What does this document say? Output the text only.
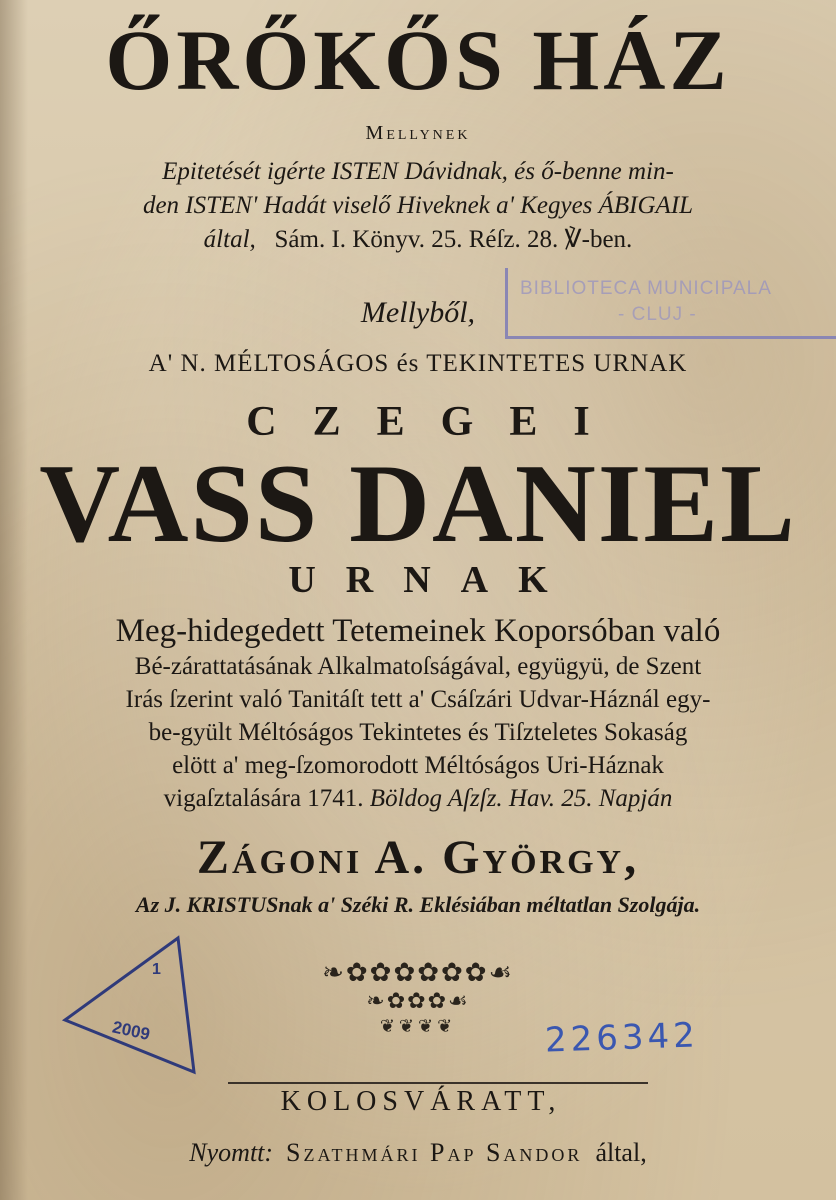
ŐRŐKŐS HÁZ
Mellynek
Epitetését igérte ISTEN Dávidnak, és ő-benne min-
den ISTEN' Hadát viselő Hiveknek a' Kegyes ÁBIGAIL
által, Sám. I. Könyv. 25. Réſz. 28. ℣-ben.
BIBLIOTECA MUNICIPALA
- CLUJ -
Mellyből,
A' N. MÉLTOSÁGOS és TEKINTETES URNAK
CZEGEI
VASS DANIEL
URNAK
Meg-hidegedett Tetemeinek Koporsóban való
Bé-zárattatásának Alkalmatoſságával, együgyü, de Szent
Irás ſzerint való Tanitáſt tett a' Csáſzári Udvar-Háznál egy-
be-gyült Méltóságos Tekintetes és Tiſzteletes Sokaság
elött a' meg-ſzomorodott Méltóságos Uri-Háznak
vigaſztalására 1741. Böldog Aſzſz. Hav. 25. Napján
Zágoni A. György,
Az J. KRISTUSnak a' Széki R. Eklésiában méltatlan Szolgája.
❧✿✿✿✿✿✿☙
❧✿✿✿☙
❦❦❦❦
1
2009	226342
KOLOSVÁRATT,
Nyomtt: Szathmári Pap Sandor által,
